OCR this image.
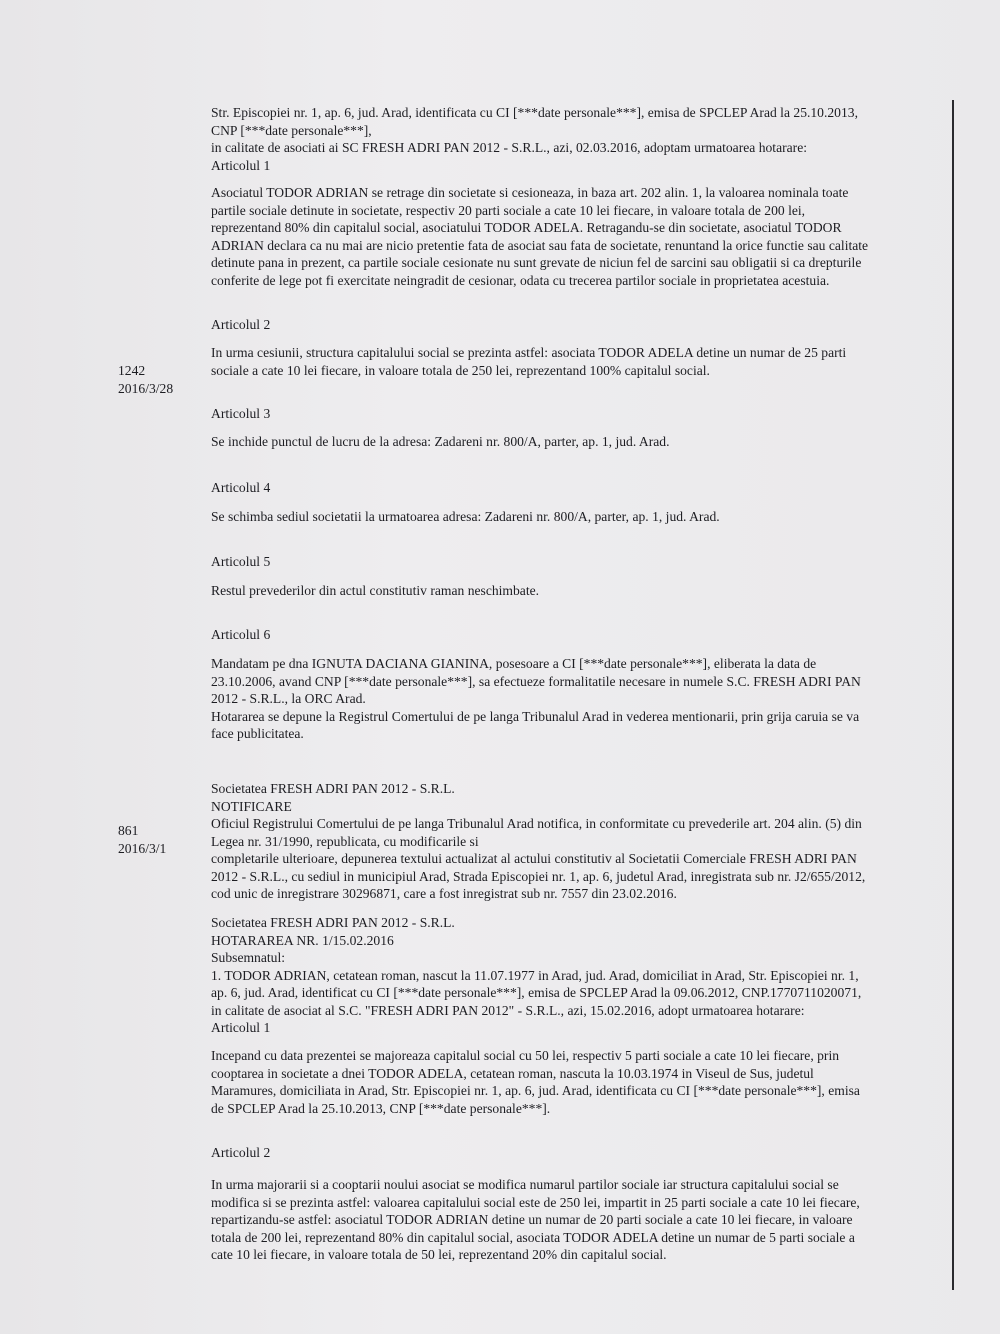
Str. Episcopiei nr. 1, ap. 6, jud. Arad, identificata cu CI [***date personale***], emisa de SPCLEP Arad la 25.10.2013,

CNP [***date personale***],

in calitate de asociati ai SC FRESH ADRI PAN 2012 - S.R.L., azi, 02.03.2016, adoptam urmatoarea hotarare:

Articolul 1

Asociatul TODOR ADRIAN se retrage din societate si cesioneaza, in baza art. 202 alin. 1, la valoarea nominala toate

partile sociale detinute in societate, respectiv 20 parti sociale a cate 10 lei fiecare, in valoare totala de 200 lei,

reprezentand 80% din capitalul social, asociatului TODOR ADELA. Retragandu-se din societate, asociatul TODOR

ADRIAN declara ca nu mai are nicio pretentie fata de asociat sau fata de societate, renuntand la orice functie sau calitate

detinute pana in prezent, ca partile sociale cesionate nu sunt grevate de niciun fel de sarcini sau obligatii si ca drepturile

conferite de lege pot fi exercitate neingradit de cesionar, odata cu trecerea partilor sociale in proprietatea acestuia.

Articolul 2

In urma cesiunii, structura capitalului social se prezinta astfel: asociata TODOR ADELA detine un numar de 25 parti

sociale a cate 10 lei fiecare, in valoare totala de 250 lei, reprezentand 100% capitalul social.

Articolul 3

Se inchide punctul de lucru de la adresa: Zadareni nr. 800/A, parter, ap. 1, jud. Arad.

Articolul 4

Se schimba sediul societatii la urmatoarea adresa: Zadareni nr. 800/A, parter, ap. 1, jud. Arad.

Articolul 5

Restul prevederilor din actul constitutiv raman neschimbate.

Articolul 6

Mandatam pe dna IGNUTA DACIANA GIANINA, posesoare a CI [***date personale***], eliberata la data de

23.10.2006, avand CNP [***date personale***], sa efectueze formalitatile necesare in numele S.C. FRESH ADRI PAN

2012 - S.R.L., la ORC Arad.

Hotararea se depune la Registrul Comertului de pe langa Tribunalul Arad in vederea mentionarii, prin grija caruia se va

face publicitatea.

Societatea FRESH ADRI PAN 2012 - S.R.L.

NOTIFICARE

Oficiul Registrului Comertului de pe langa Tribunalul Arad notifica, in conformitate cu prevederile art. 204 alin. (5) din

Legea nr. 31/1990, republicata, cu modificarile si

completarile ulterioare, depunerea textului actualizat al actului constitutiv al Societatii Comerciale FRESH ADRI PAN

2012 - S.R.L., cu sediul in municipiul Arad, Strada Episcopiei nr. 1, ap. 6, judetul Arad, inregistrata sub nr. J2/655/2012,

cod unic de inregistrare 30296871, care a fost inregistrat sub nr. 7557 din 23.02.2016.

Societatea FRESH ADRI PAN 2012 - S.R.L.

HOTARAREA NR. 1/15.02.2016

Subsemnatul:

1. TODOR ADRIAN, cetatean roman, nascut la 11.07.1977 in Arad, jud. Arad, domiciliat in Arad, Str. Episcopiei nr. 1,

ap. 6, jud. Arad, identificat cu CI [***date personale***], emisa de SPCLEP Arad la 09.06.2012, CNP.1770711020071,

in calitate de asociat al S.C. "FRESH ADRI PAN 2012" - S.R.L., azi, 15.02.2016, adopt urmatoarea hotarare:

Articolul 1

Incepand cu data prezentei se majoreaza capitalul social cu 50 lei, respectiv 5 parti sociale a cate 10 lei fiecare, prin

cooptarea in societate a dnei TODOR ADELA, cetatean roman, nascuta la 10.03.1974 in Viseul de Sus, judetul

Maramures, domiciliata in Arad, Str. Episcopiei nr. 1, ap. 6, jud. Arad, identificata cu CI [***date personale***], emisa

de SPCLEP Arad la 25.10.2013, CNP [***date personale***].

Articolul 2

In urma majorarii si a cooptarii noului asociat se modifica numarul partilor sociale iar structura capitalului social se

modifica si se prezinta astfel: valoarea capitalului social este de 250 lei, impartit in 25 parti sociale a cate 10 lei fiecare,

repartizandu-se astfel: asociatul TODOR ADRIAN detine un numar de 20 parti sociale a cate 10 lei fiecare, in valoare

totala de 200 lei, reprezentand 80% din capitalul social, asociata TODOR ADELA detine un numar de 5 parti sociale a

cate 10 lei fiecare, in valoare totala de 50 lei, reprezentand 20% din capitalul social.

1242

2016/3/28

861

2016/3/1
